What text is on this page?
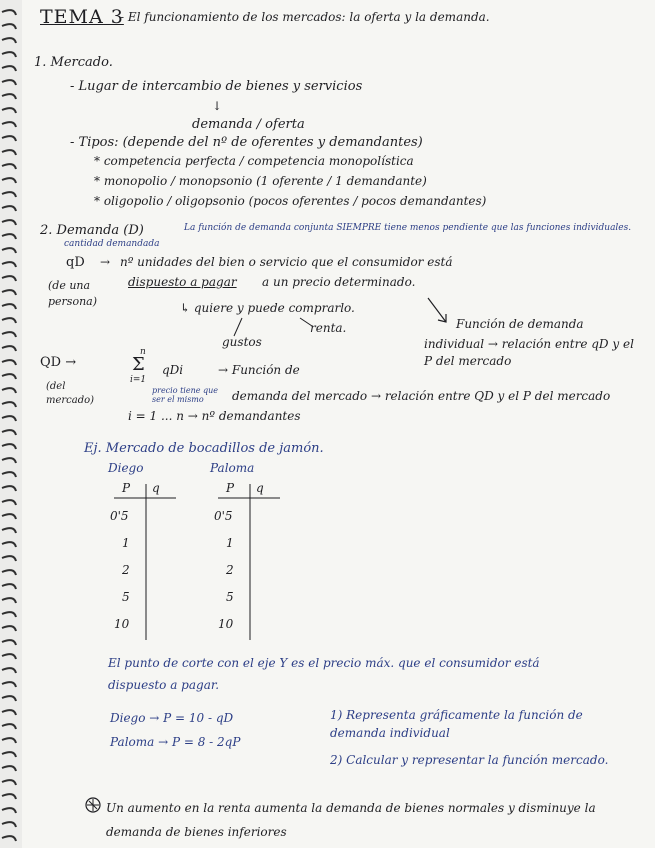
TEMA 3
- El funcionamiento de los mercados: la oferta y la demanda.
1. Mercado.
- Lugar de intercambio de bienes y servicios
↓
demanda / oferta
- Tipos: (depende del nº de oferentes y demandantes)
* competencia perfecta / competencia monopolística
* monopolio / monopsonio (1 oferente / 1 demandante)
* oligopolio / oligopsonio (pocos oferentes / pocos demandantes)
2. Demanda (D)	La función de demanda conjunta SIEMPRE tiene menos pendiente que las funciones individuales.
cantidad demandada
qD → nº unidades del bien o servicio que el consumidor está
(de una persona)
dispuesto a pagar a un precio determinado.
↳ quiere y puede comprarlo.
gustos
renta.	Función de demanda
individual → relación entre qD y el P del mercado
QD →
n
Σ
i=1
qDi	→ Función de
(del mercado)
precio tiene que ser el mismo	demanda del mercado → relación entre QD y el P del mercado
i = 1 ... n → nº demandantes
Ej. Mercado de bocadillos de jamón.
Diego	Paloma
P q
0'5
1
2
5
10
P q
0'5
1
2
5
10
El punto de corte con el eje Y es el precio máx. que el consumidor está dispuesto a pagar.
Diego → P = 10 - qD
Paloma → P = 8 - 2qP
1) Representa gráficamente la función de demanda individual
2) Calcular y representar la función mercado.
Un aumento en la renta aumenta la demanda de bienes normales y disminuye la demanda de bienes inferiores
